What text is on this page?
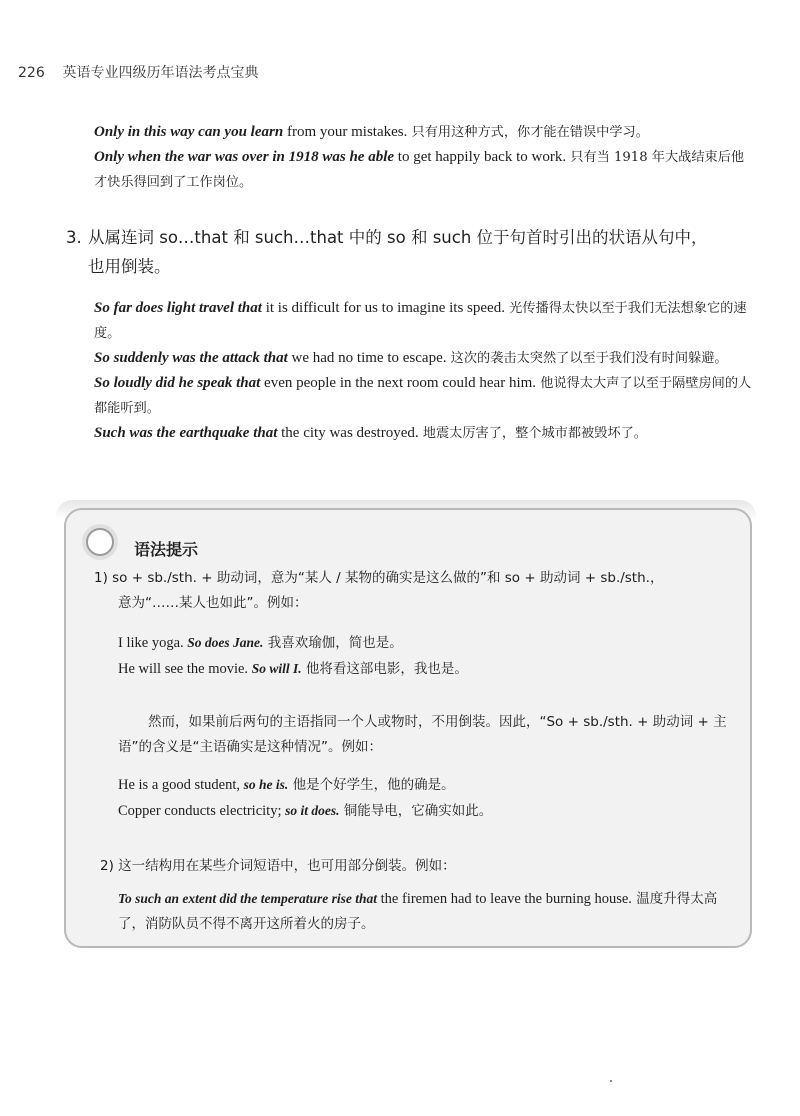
226 英语专业四级历年语法考点宝典

Only in this way can you learn from your mistakes. 只有用这种方式，你才能在错误中学习。

Only when the war was over in 1918 was he able to get happily back to work. 只有当 1918 年大战结束后他才快乐得回到了工作岗位。

3. 从属连词 so…that 和 such…that 中的 so 和 such 位于句首时引出的状语从句中，
也用倒装。

So far does light travel that it is difficult for us to imagine its speed. 光传播得太快以至于我们无法想象它的速度。

So suddenly was the attack that we had no time to escape. 这次的袭击太突然了以至于我们没有时间躲避。

So loudly did he speak that even people in the next room could hear him. 他说得太大声了以至于隔壁房间的人都能听到。

Such was the earthquake that the city was destroyed. 地震太厉害了，整个城市都被毁坏了。

语法提示
1) so + sb./sth. + 助动词，意为“某人 / 某物的确实是这么做的”和 so + 助动词 + sb./sth.，
意为“……某人也如此”。例如：
I like yoga. So does Jane. 我喜欢瑜伽，简也是。
He will see the movie. So will I. 他将看这部电影，我也是。
然而，如果前后两句的主语指同一个人或物时，不用倒装。因此，“So + sb./sth. + 助动词 + 主语”的含义是“主语确实是这种情况”。例如：
He is a good student, so he is. 他是个好学生，他的确是。
Copper conducts electricity; so it does. 铜能导电，它确实如此。
2) 这一结构用在某些介词短语中，也可用部分倒装。例如：
To such an extent did the temperature rise that the firemen had to leave the burning house. 温度升得太高了，消防队员不得不离开这所着火的房子。
